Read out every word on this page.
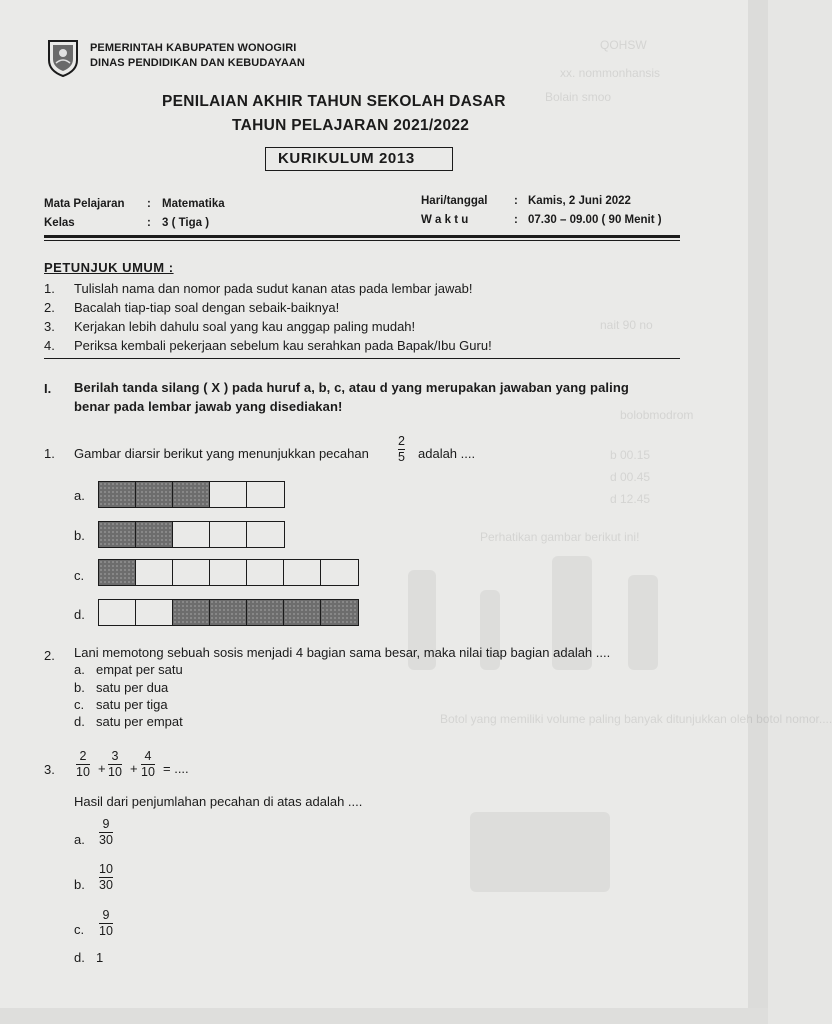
QOHSW
xx. nommonhansis
Bolain smoo
nait 90 no
bolobmodrom
b 00.15
d 00.45
d 12.45
Perhatikan gambar berikut ini!
Botol yang memiliki volume paling banyak ditunjukkan oleh botol nomor....
PEMERINTAH KABUPATEN WONOGIRI
DINAS PENDIDIKAN DAN KEBUDAYAAN
PENILAIAN AKHIR TAHUN SEKOLAH DASAR
TAHUN PELAJARAN 2021/2022
KURIKULUM 2013
Mata Pelajaran : Matematika
Kelas	: 3 ( Tiga )
Hari/tanggal : Kamis, 2 Juni 2022
W a k t u	: 07.30 – 09.00 ( 90 Menit )
PETUNJUK UMUM :
1. Tulislah nama dan nomor pada sudut kanan atas pada lembar jawab!
2. Bacalah tiap-tiap soal dengan sebaik-baiknya!
3. Kerjakan lebih dahulu soal yang kau anggap paling mudah!
4. Periksa kembali pekerjaan sebelum kau serahkan pada Bapak/Ibu Guru!
I. Berilah tanda silang ( X ) pada huruf a, b, c, atau d yang merupakan jawaban yang paling
benar pada lembar jawab yang disediakan!
1. Gambar diarsir berikut yang menunjukkan pecahan
2
5 adalah ....
a.
b.
c.
d.
2. Lani memotong sebuah sosis menjadi 4 bagian sama besar, maka nilai tiap bagian adalah ....
a. empat per satu
b. satu per dua
c. satu per tiga
d. satu per empat
3.
2
10 +
3
10 +
4
10 = ....
Hasil dari penjumlahan pecahan di atas adalah ....
a.
9
30
b.
10
30
c.
9
10
d. 1
